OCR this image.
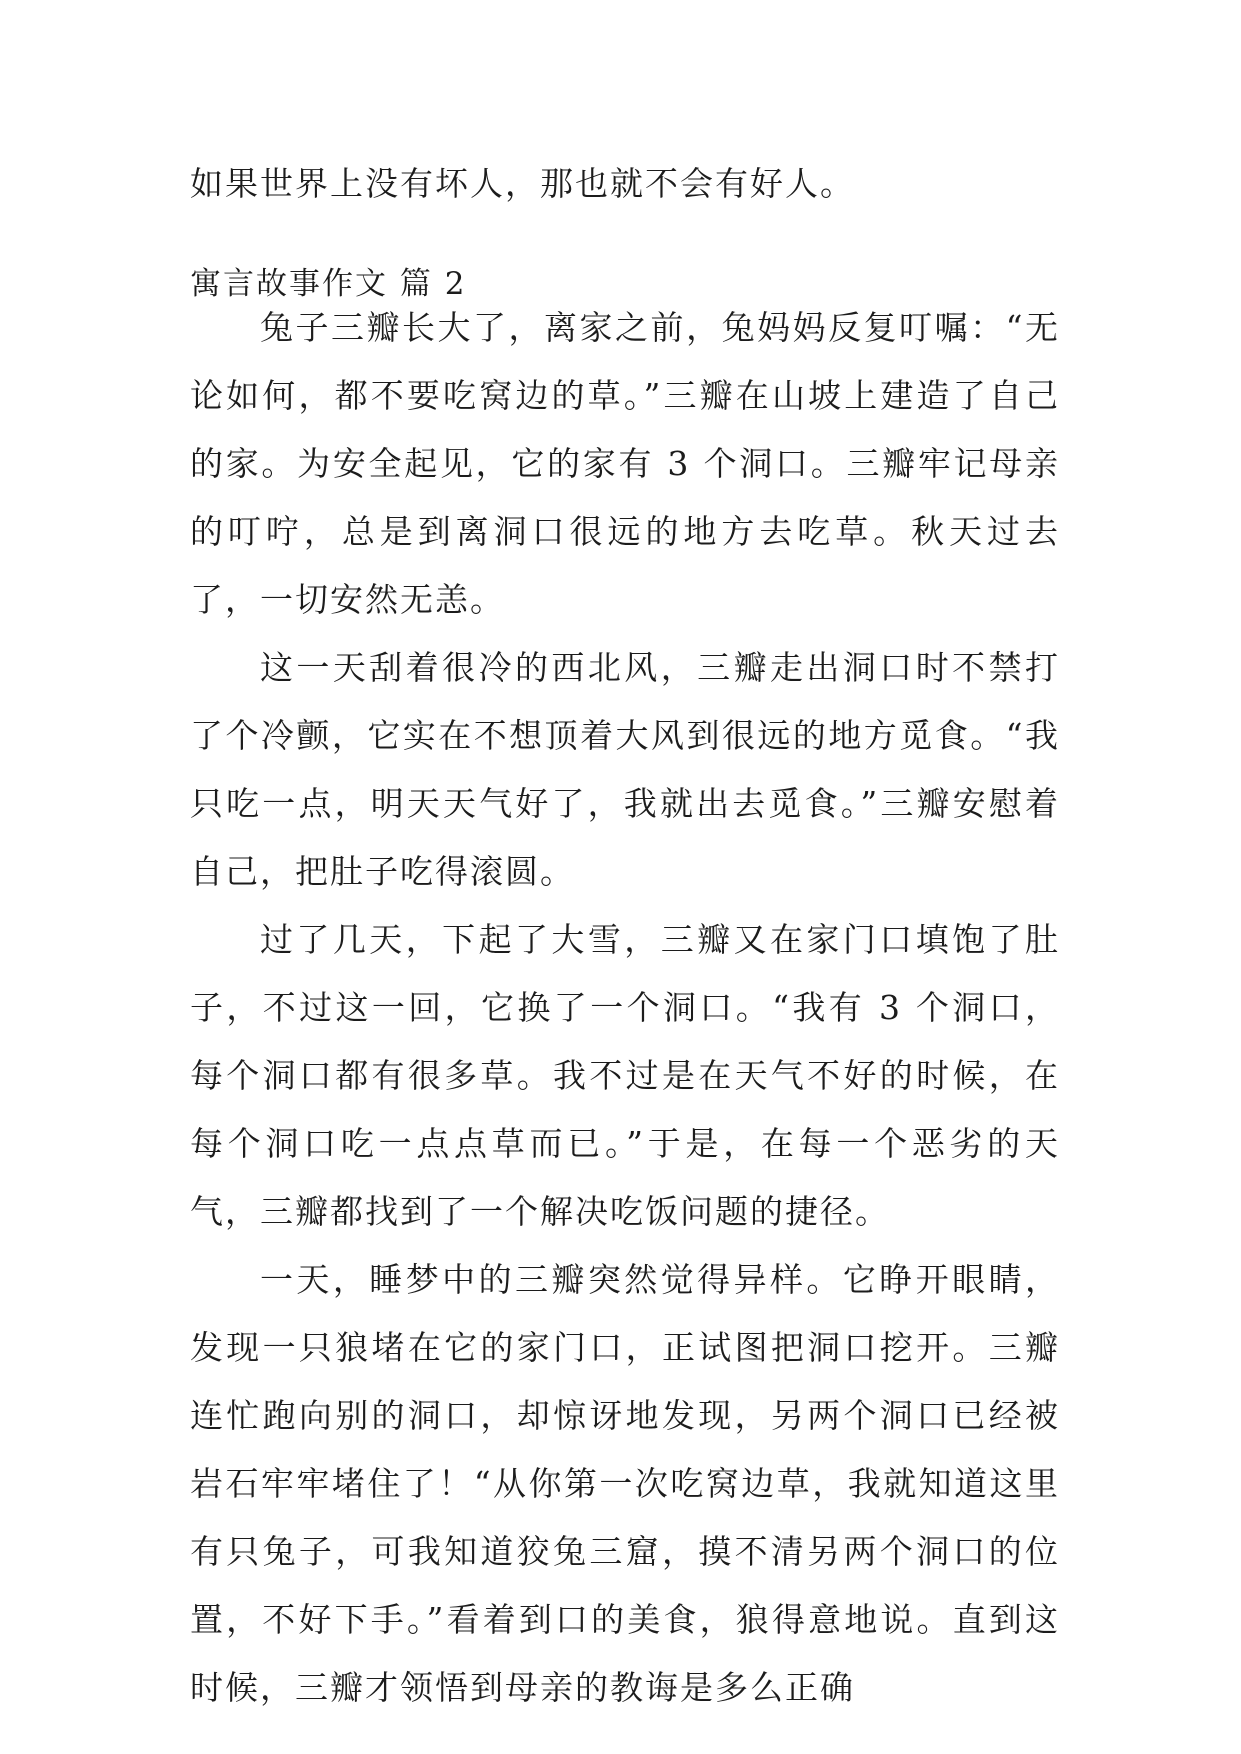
如果世界上没有坏人，那也就不会有好人。
寓言故事作文 篇 2

兔子三瓣长大了，离家之前，兔妈妈反复叮嘱：“无论如何，都不要吃窝边的草。”三瓣在山坡上建造了自己的家。为安全起见，它的家有 3 个洞口。三瓣牢记母亲的叮咛，总是到离洞口很远的地方去吃草。秋天过去了，一切安然无恙。

这一天刮着很冷的西北风，三瓣走出洞口时不禁打了个冷颤，它实在不想顶着大风到很远的地方觅食。“我只吃一点，明天天气好了，我就出去觅食。”三瓣安慰着自己，把肚子吃得滚圆。

过了几天，下起了大雪，三瓣又在家门口填饱了肚子，不过这一回，它换了一个洞口。“我有 3 个洞口，每个洞口都有很多草。我不过是在天气不好的时候，在每个洞口吃一点点草而已。”于是，在每一个恶劣的天气，三瓣都找到了一个解决吃饭问题的捷径。

一天，睡梦中的三瓣突然觉得异样。它睁开眼睛，发现一只狼堵在它的家门口，正试图把洞口挖开。三瓣连忙跑向别的洞口，却惊讶地发现，另两个洞口已经被岩石牢牢堵住了！“从你第一次吃窝边草，我就知道这里有只兔子，可我知道狡兔三窟，摸不清另两个洞口的位置，不好下手。”看着到口的美食，狼得意地说。直到这时候，三瓣才领悟到母亲的教诲是多么正确
